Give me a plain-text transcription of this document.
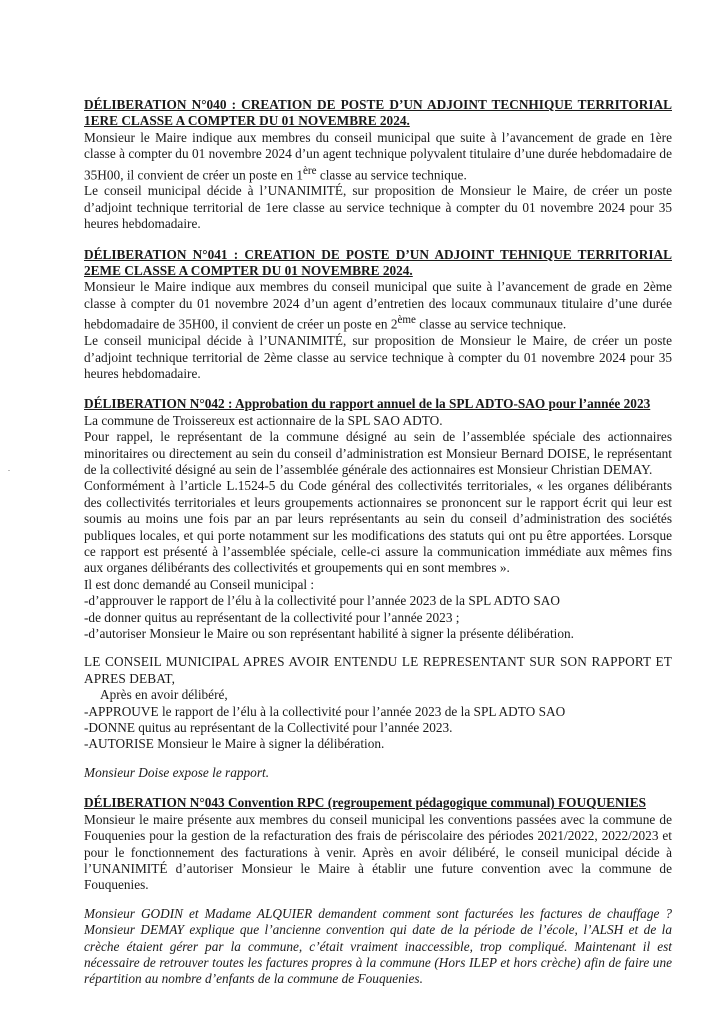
DÉLIBERATION N°040 : CREATION DE POSTE D’UN ADJOINT TECNHIQUE TERRITORIAL 1ERE CLASSE A COMPTER DU 01 NOVEMBRE 2024.

Monsieur le Maire indique aux membres du conseil municipal que suite à l’avancement de grade en 1ère classe à compter du 01 novembre 2024 d’un agent technique polyvalent titulaire d’une durée hebdomadaire de 35H00, il convient de créer un poste en 1ère classe au service technique.

Le conseil municipal décide à l’UNANIMITÉ, sur proposition de Monsieur le Maire, de créer un poste d’adjoint technique territorial de 1ere classe au service technique à compter du 01 novembre 2024 pour 35 heures hebdomadaire.

DÉLIBERATION N°041 : CREATION DE POSTE D’UN ADJOINT TEHNIQUE TERRITORIAL 2EME CLASSE A COMPTER DU 01 NOVEMBRE 2024.

Monsieur le Maire indique aux membres du conseil municipal que suite à l’avancement de grade en 2ème classe à compter du 01 novembre 2024 d’un agent d’entretien des locaux communaux titulaire d’une durée hebdomadaire de 35H00, il convient de créer un poste en 2ème classe au service technique.

Le conseil municipal décide à l’UNANIMITÉ, sur proposition de Monsieur le Maire, de créer un poste d’adjoint technique territorial de 2ème classe au service technique à compter du 01 novembre 2024 pour 35 heures hebdomadaire.

DÉLIBERATION N°042 : Approbation du rapport annuel de la SPL ADTO-SAO pour l’année 2023

La commune de Troissereux est actionnaire de la SPL SAO ADTO.

Pour rappel, le représentant de la commune désigné au sein de l’assemblée spéciale des actionnaires minoritaires ou directement au sein du conseil d’administration est Monsieur Bernard DOISE, le représentant de la collectivité désigné au sein de l’assemblée générale des actionnaires est Monsieur Christian DEMAY.

Conformément à l’article L.1524-5 du Code général des collectivités territoriales, « les organes délibérants des collectivités territoriales et leurs groupements actionnaires se prononcent sur le rapport écrit qui leur est soumis au moins une fois par an par leurs représentants au sein du conseil d’administration des sociétés publiques locales, et qui porte notamment sur les modifications des statuts qui ont pu être apportées. Lorsque ce rapport est présenté à l’assemblée spéciale, celle-ci assure la communication immédiate aux mêmes fins aux organes délibérants des collectivités et groupements qui en sont membres ».

Il est donc demandé au Conseil municipal :

-d’approuver le rapport de l’élu à la collectivité pour l’année 2023 de la SPL ADTO SAO

-de donner quitus au représentant de la collectivité pour l’année 2023 ;

-d’autoriser Monsieur le Maire ou son représentant habilité à signer la présente délibération.

LE CONSEIL MUNICIPAL APRES AVOIR ENTENDU LE REPRESENTANT SUR SON RAPPORT ET APRES DEBAT,

Après en avoir délibéré,

-APPROUVE le rapport de l’élu à la collectivité pour l’année 2023 de la SPL ADTO SAO

-DONNE quitus au représentant de la Collectivité pour l’année 2023.

-AUTORISE Monsieur le Maire à signer la délibération.

Monsieur Doise expose le rapport.

DÉLIBERATION N°043 Convention RPC (regroupement pédagogique communal) FOUQUENIES

Monsieur le maire présente aux membres du conseil municipal les conventions passées avec la commune de Fouquenies pour la gestion de la refacturation des frais de périscolaire des périodes 2021/2022, 2022/2023 et pour le fonctionnement des facturations à venir. Après en avoir délibéré, le conseil municipal décide à l’UNANIMITÉ d’autoriser Monsieur le Maire à établir une future convention avec la commune de Fouquenies.

Monsieur GODIN et Madame ALQUIER demandent comment sont facturées les factures de chauffage ? Monsieur DEMAY explique que l’ancienne convention qui date de la période de l’école, l’ALSH et de la crèche étaient gérer par la commune, c’était vraiment inaccessible, trop compliqué. Maintenant il est nécessaire de retrouver toutes les factures propres à la commune (Hors ILEP et hors crèche) afin de faire une répartition au nombre d’enfants de la commune de Fouquenies.
